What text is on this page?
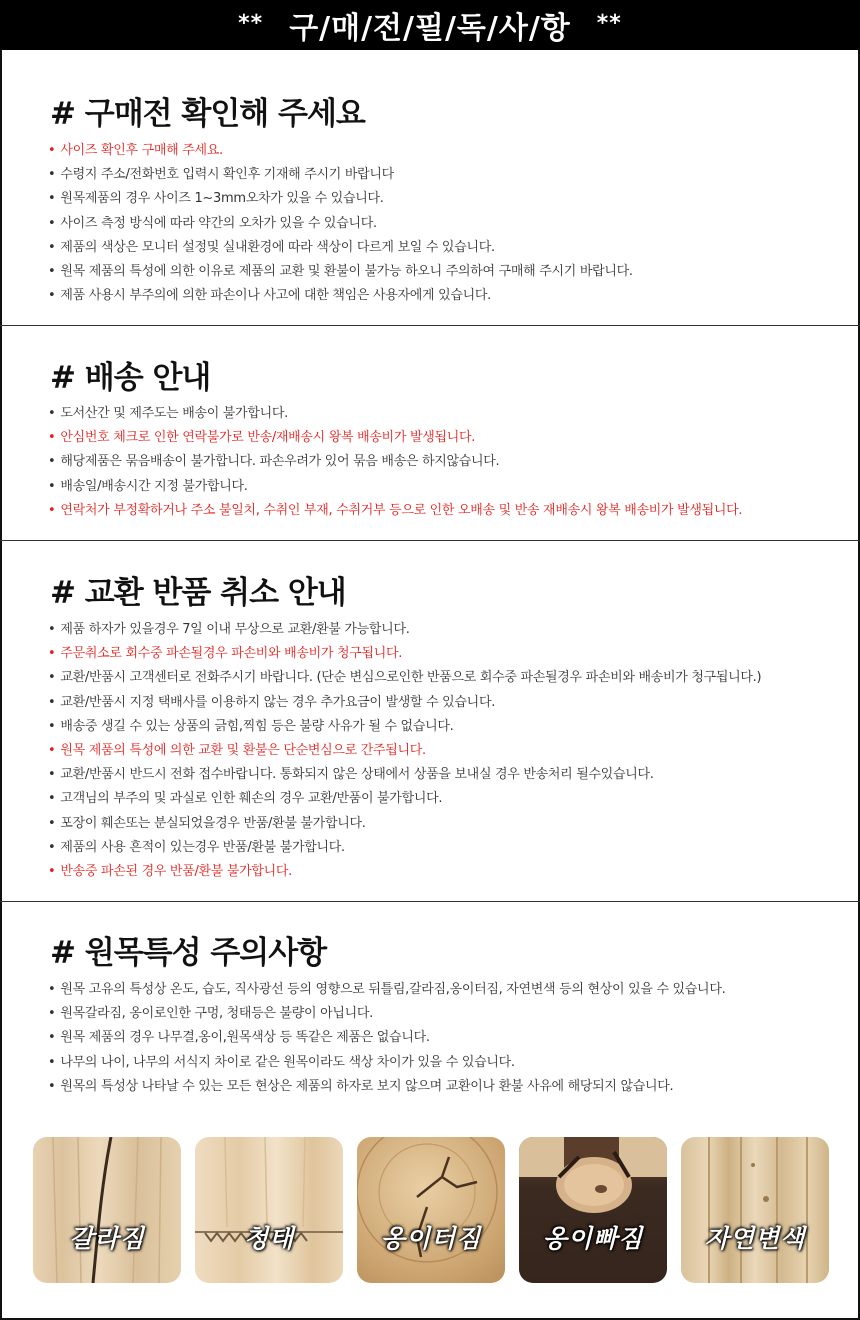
** 구/매/전/필/독/사/항 **
# 구매전 확인해 주세요
• 사이즈 확인후 구매해 주세요.
• 수령지 주소/전화번호 입력시 확인후 기재해 주시기 바랍니다
• 원목제품의 경우 사이즈 1~3mm오차가 있을 수 있습니다.
• 사이즈 측정 방식에 따라 약간의 오차가 있을 수 있습니다.
• 제품의 색상은 모니터 설정및 실내환경에 따라 색상이 다르게 보일 수 있습니다.
• 원목 제품의 특성에 의한 이유로 제품의 교환 및 환불이 불가능 하오니 주의하여 구매해 주시기 바랍니다.
• 제품 사용시 부주의에 의한 파손이나 사고에 대한 책임은 사용자에게 있습니다.
# 배송 안내
• 도서산간 및 제주도는 배송이 불가합니다.
• 안심번호 체크로 인한 연락불가로 반송/재배송시 왕복 배송비가 발생됩니다.
• 해당제품은 묶음배송이 불가합니다. 파손우려가 있어 묶음 배송은 하지않습니다.
• 배송일/배송시간 지정 불가합니다.
• 연락처가 부정확하거나 주소 불일치, 수취인 부재, 수취거부 등으로 인한 오배송 및 반송 재배송시 왕복 배송비가 발생됩니다.
# 교환 반품 취소 안내
• 제품 하자가 있을경우 7일 이내 무상으로 교환/환불 가능합니다.
• 주문취소로 회수중 파손될경우 파손비와 배송비가 청구됩니다.
• 교환/반품시 고객센터로 전화주시기 바랍니다. (단순 변심으로인한 반품으로 회수중 파손될경우 파손비와 배송비가 청구됩니다.)
• 교환/반품시 지정 택배사를 이용하지 않는 경우 추가요금이 발생할 수 있습니다.
• 배송중 생길 수 있는 상품의 긁힘,찍힘 등은 불량 사유가 될 수 없습니다.
• 원목 제품의 특성에 의한 교환 및 환불은 단순변심으로 간주됩니다.
• 교환/반품시 반드시 전화 접수바랍니다. 통화되지 않은 상태에서 상품을 보내실 경우 반송처리 될수있습니다.
• 고객님의 부주의 및 과실로 인한 훼손의 경우 교환/반품이 불가합니다.
• 포장이 훼손또는 분실되었을경우 반품/환불 불가합니다.
• 제품의 사용 흔적이 있는경우 반품/환불 불가합니다.
• 반송중 파손된 경우 반품/환불 불가합니다.
# 원목특성 주의사항
• 원목 고유의 특성상 온도, 습도, 직사광선 등의 영향으로 뒤틀림,갈라짐,옹이터짐, 자연변색 등의 현상이 있을 수 있습니다.
• 원목갈라짐, 옹이로인한 구멍, 청태등은 불량이 아닙니다.
• 원목 제품의 경우 나무결,옹이,원목색상 등 똑같은 제품은 없습니다.
• 나무의 나이, 나무의 서식지 차이로 같은 원목이라도 색상 차이가 있을 수 있습니다.
• 원목의 특성상 나타날 수 있는 모든 현상은 제품의 하자로 보지 않으며 교환이나 환불 사유에 해당되지 않습니다.
갈라짐	청태	옹이터짐 옹이빠짐 자연변색
